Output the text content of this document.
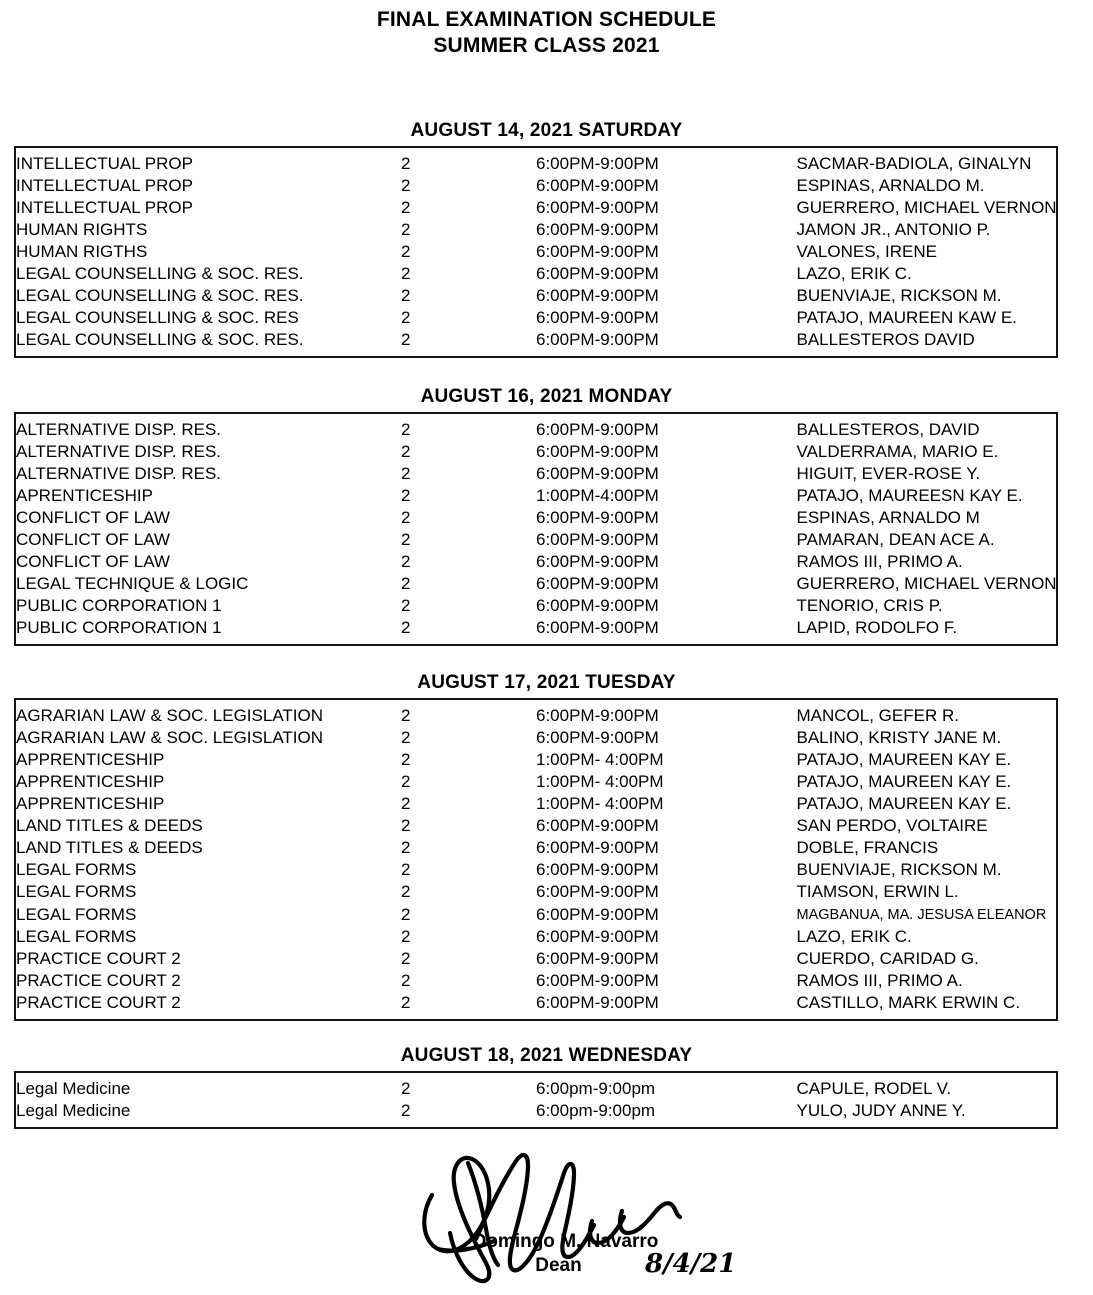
FINAL EXAMINATION SCHEDULE
SUMMER CLASS 2021
AUGUST 14, 2021 SATURDAY

INTELLECTUAL PROP	2	6:00PM-9:00PM	SACMAR-BADIOLA, GINALYN
INTELLECTUAL PROP	2	6:00PM-9:00PM	ESPINAS, ARNALDO M.
INTELLECTUAL PROP	2	6:00PM-9:00PM	GUERRERO, MICHAEL VERNON
HUMAN RIGHTS	2	6:00PM-9:00PM	JAMON JR., ANTONIO P.
HUMAN RIGTHS	2	6:00PM-9:00PM	VALONES, IRENE
LEGAL COUNSELLING & SOC. RES.	2	6:00PM-9:00PM	LAZO, ERIK C.
LEGAL COUNSELLING & SOC. RES.	2	6:00PM-9:00PM	BUENVIAJE, RICKSON M.
LEGAL COUNSELLING & SOC. RES	2	6:00PM-9:00PM	PATAJO, MAUREEN KAW E.
LEGAL COUNSELLING & SOC. RES.	2	6:00PM-9:00PM	BALLESTEROS DAVID

AUGUST 16, 2021 MONDAY

ALTERNATIVE DISP. RES.	2	6:00PM-9:00PM	BALLESTEROS, DAVID
ALTERNATIVE DISP. RES.	2	6:00PM-9:00PM	VALDERRAMA, MARIO E.
ALTERNATIVE DISP. RES.	2	6:00PM-9:00PM	HIGUIT, EVER-ROSE Y.
APRENTICESHIP	2	1:00PM-4:00PM	PATAJO, MAUREESN KAY E.
CONFLICT OF LAW	2	6:00PM-9:00PM	ESPINAS, ARNALDO M
CONFLICT OF LAW	2	6:00PM-9:00PM	PAMARAN, DEAN ACE A.
CONFLICT OF LAW	2	6:00PM-9:00PM	RAMOS III, PRIMO A.
LEGAL TECHNIQUE & LOGIC	2	6:00PM-9:00PM	GUERRERO, MICHAEL VERNON
PUBLIC CORPORATION 1	2	6:00PM-9:00PM	TENORIO, CRIS P.
PUBLIC CORPORATION 1	2	6:00PM-9:00PM	LAPID, RODOLFO F.

AUGUST 17, 2021 TUESDAY

AGRARIAN LAW & SOC. LEGISLATION	2	6:00PM-9:00PM	MANCOL, GEFER R.
AGRARIAN LAW & SOC. LEGISLATION	2	6:00PM-9:00PM	BALINO, KRISTY JANE M.
APPRENTICESHIP	2	1:00PM- 4:00PM	PATAJO, MAUREEN KAY E.
APPRENTICESHIP	2	1:00PM- 4:00PM	PATAJO, MAUREEN KAY E.
APPRENTICESHIP	2	1:00PM- 4:00PM	PATAJO, MAUREEN KAY E.
LAND TITLES & DEEDS	2	6:00PM-9:00PM	SAN PERDO, VOLTAIRE
LAND TITLES & DEEDS	2	6:00PM-9:00PM	DOBLE, FRANCIS
LEGAL FORMS	2	6:00PM-9:00PM	BUENVIAJE, RICKSON M.
LEGAL FORMS	2	6:00PM-9:00PM	TIAMSON, ERWIN L.
LEGAL FORMS	2	6:00PM-9:00PM	MAGBANUA, MA. JESUSA ELEANOR
LEGAL FORMS	2	6:00PM-9:00PM	LAZO, ERIK C.
PRACTICE COURT 2	2	6:00PM-9:00PM	CUERDO, CARIDAD G.
PRACTICE COURT 2	2	6:00PM-9:00PM	RAMOS III, PRIMO A.
PRACTICE COURT 2	2	6:00PM-9:00PM	CASTILLO, MARK ERWIN C.

AUGUST 18, 2021 WEDNESDAY

Legal Medicine	2	6:00pm-9:00pm	CAPULE, RODEL V.
Legal Medicine	2	6:00pm-9:00pm	YULO, JUDY ANNE Y.

Domingo M. Navarro
Dean	8/4/21
